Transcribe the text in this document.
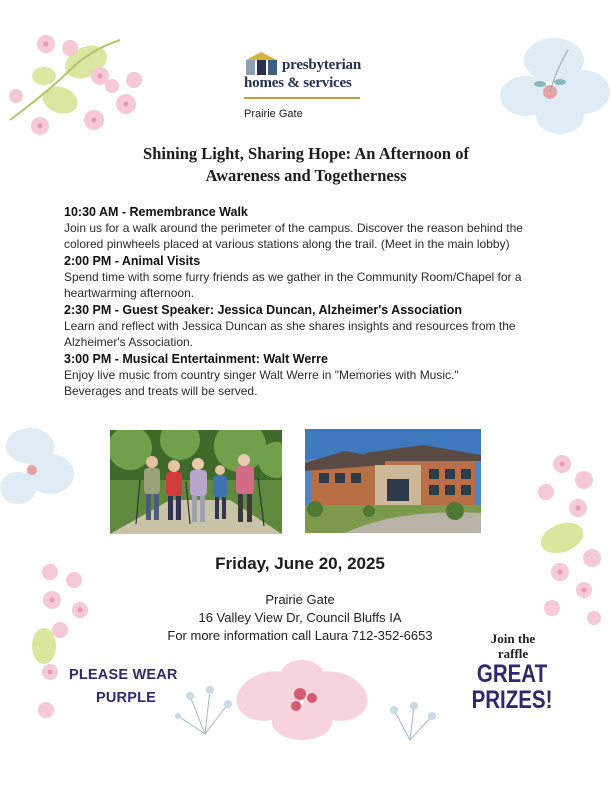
presbyterian
homes & services
Prairie Gate
Shining Light, Sharing Hope: An Afternoon of
Awareness and Togetherness
10:30 AM - Remembrance Walk
Join us for a walk around the perimeter of the campus. Discover the reason behind the
colored pinwheels placed at various stations along the trail. (Meet in the main lobby)
2:00 PM - Animal Visits
Spend time with some furry friends as we gather in the Community Room/Chapel for a
heartwarming afternoon.
2:30 PM - Guest Speaker: Jessica Duncan, Alzheimer's Association
Learn and reflect with Jessica Duncan as she shares insights and resources from the
Alzheimer's Association.
3:00 PM - Musical Entertainment: Walt Werre
Enjoy live music from country singer Walt Werre in "Memories with Music."
Beverages and treats will be served.
Friday, June 20, 2025
Prairie Gate
16 Valley View Dr, Council Bluffs IA
For more information call Laura 712-352-6653
PLEASE WEAR
PURPLE
Join the
raffle
GREAT
PRIZES!
